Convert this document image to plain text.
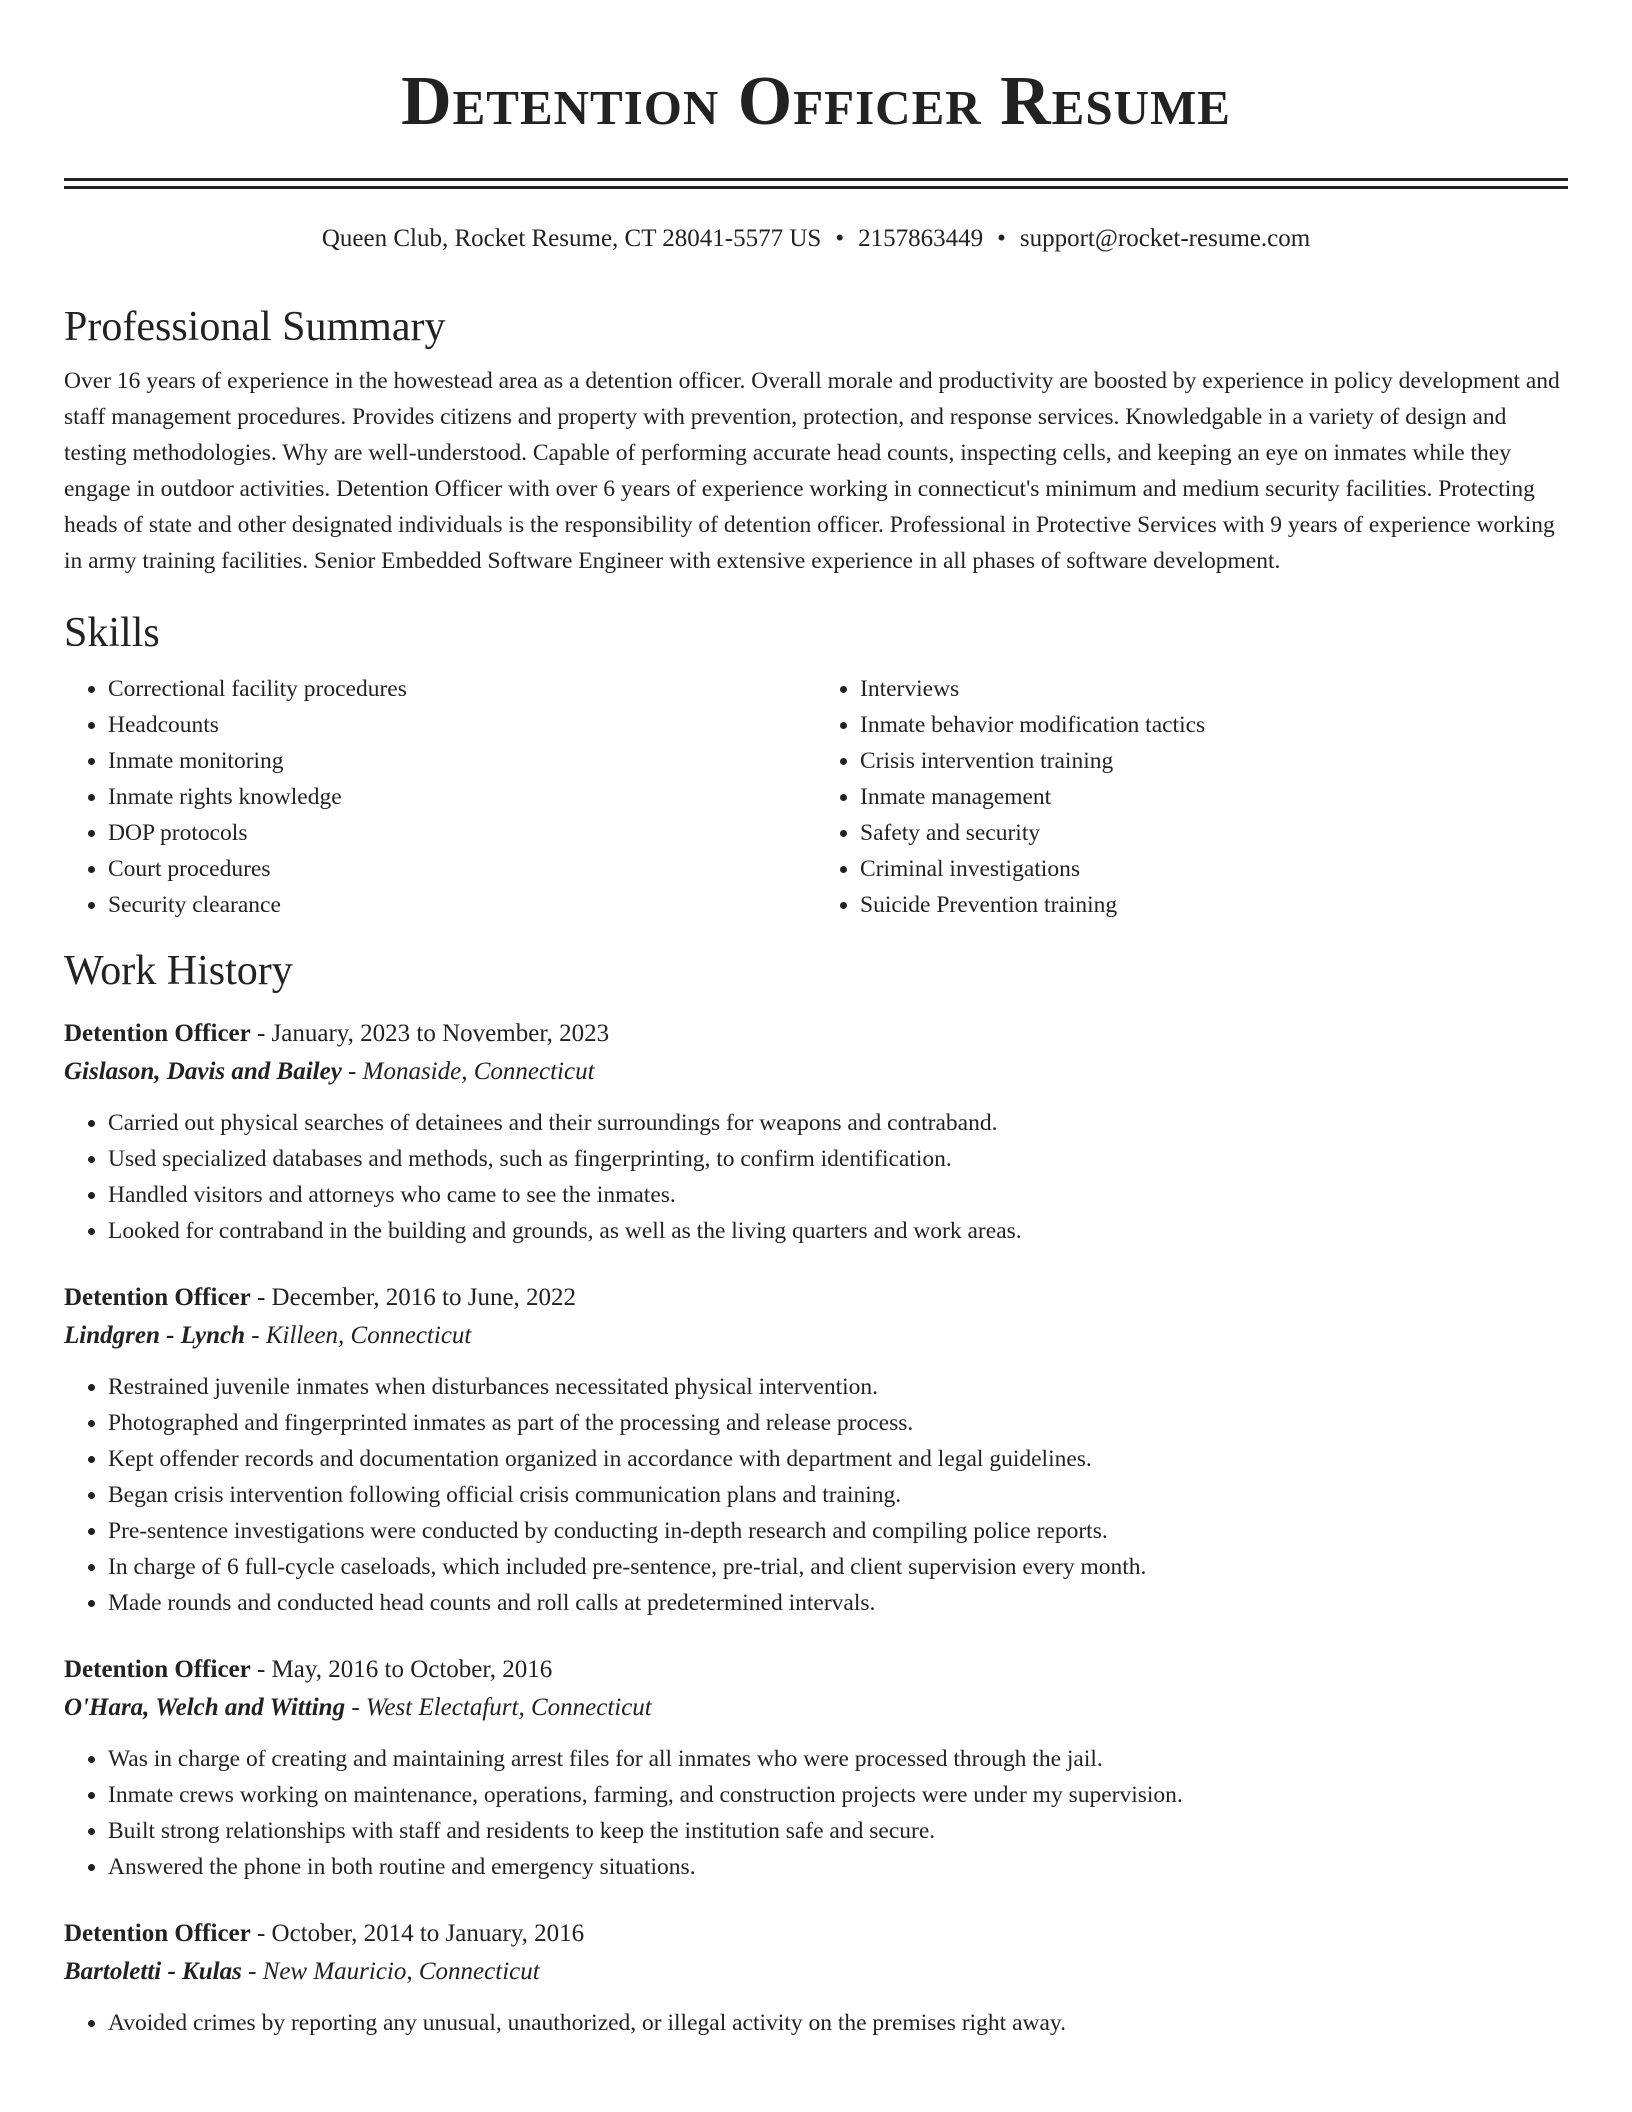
Detention Officer Resume
Queen Club, Rocket Resume, CT 28041-5577 US • 2157863449 • support@rocket-resume.com
Professional Summary
Over 16 years of experience in the howestead area as a detention officer. Overall morale and productivity are boosted by experience in policy development and staff management procedures. Provides citizens and property with prevention, protection, and response services. Knowledgable in a variety of design and testing methodologies. Why are well-understood. Capable of performing accurate head counts, inspecting cells, and keeping an eye on inmates while they engage in outdoor activities. Detention Officer with over 6 years of experience working in connecticut's minimum and medium security facilities. Protecting heads of state and other designated individuals is the responsibility of detention officer. Professional in Protective Services with 9 years of experience working in army training facilities. Senior Embedded Software Engineer with extensive experience in all phases of software development.
Skills
• Correctional facility procedures
• Headcounts
• Inmate monitoring
• Inmate rights knowledge
• DOP protocols
• Court procedures
• Security clearance
• Interviews
• Inmate behavior modification tactics
• Crisis intervention training
• Inmate management
• Safety and security
• Criminal investigations
• Suicide Prevention training
Work History
Detention Officer - January, 2023 to November, 2023
Gislason, Davis and Bailey - Monaside, Connecticut
• Carried out physical searches of detainees and their surroundings for weapons and contraband.
• Used specialized databases and methods, such as fingerprinting, to confirm identification.
• Handled visitors and attorneys who came to see the inmates.
• Looked for contraband in the building and grounds, as well as the living quarters and work areas.
Detention Officer - December, 2016 to June, 2022
Lindgren - Lynch - Killeen, Connecticut
• Restrained juvenile inmates when disturbances necessitated physical intervention.
• Photographed and fingerprinted inmates as part of the processing and release process.
• Kept offender records and documentation organized in accordance with department and legal guidelines.
• Began crisis intervention following official crisis communication plans and training.
• Pre-sentence investigations were conducted by conducting in-depth research and compiling police reports.
• In charge of 6 full-cycle caseloads, which included pre-sentence, pre-trial, and client supervision every month.
• Made rounds and conducted head counts and roll calls at predetermined intervals.
Detention Officer - May, 2016 to October, 2016
O'Hara, Welch and Witting - West Electafurt, Connecticut
• Was in charge of creating and maintaining arrest files for all inmates who were processed through the jail.
• Inmate crews working on maintenance, operations, farming, and construction projects were under my supervision.
• Built strong relationships with staff and residents to keep the institution safe and secure.
• Answered the phone in both routine and emergency situations.
Detention Officer - October, 2014 to January, 2016
Bartoletti - Kulas - New Mauricio, Connecticut
• Avoided crimes by reporting any unusual, unauthorized, or illegal activity on the premises right away.
